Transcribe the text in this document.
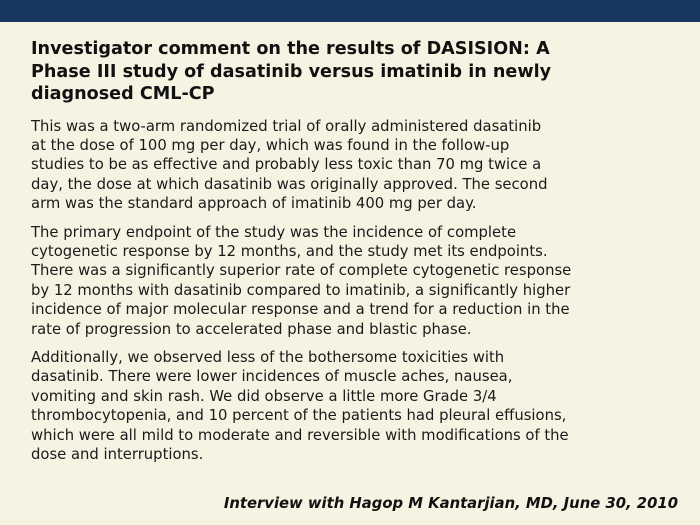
Investigator comment on the results of DASISION: A
Phase III study of dasatinib versus imatinib in newly
diagnosed CML-CP

This was a two-arm randomized trial of orally administered dasatinib
at the dose of 100 mg per day, which was found in the follow-up
studies to be as effective and probably less toxic than 70 mg twice a
day, the dose at which dasatinib was originally approved. The second
arm was the standard approach of imatinib 400 mg per day.

The primary endpoint of the study was the incidence of complete
cytogenetic response by 12 months, and the study met its endpoints.
There was a significantly superior rate of complete cytogenetic response
by 12 months with dasatinib compared to imatinib, a significantly higher
incidence of major molecular response and a trend for a reduction in the
rate of progression to accelerated phase and blastic phase.

Additionally, we observed less of the bothersome toxicities with
dasatinib. There were lower incidences of muscle aches, nausea,
vomiting and skin rash. We did observe a little more Grade 3/4
thrombocytopenia, and 10 percent of the patients had pleural effusions,
which were all mild to moderate and reversible with modifications of the
dose and interruptions.

Interview with Hagop M Kantarjian, MD, June 30, 2010
